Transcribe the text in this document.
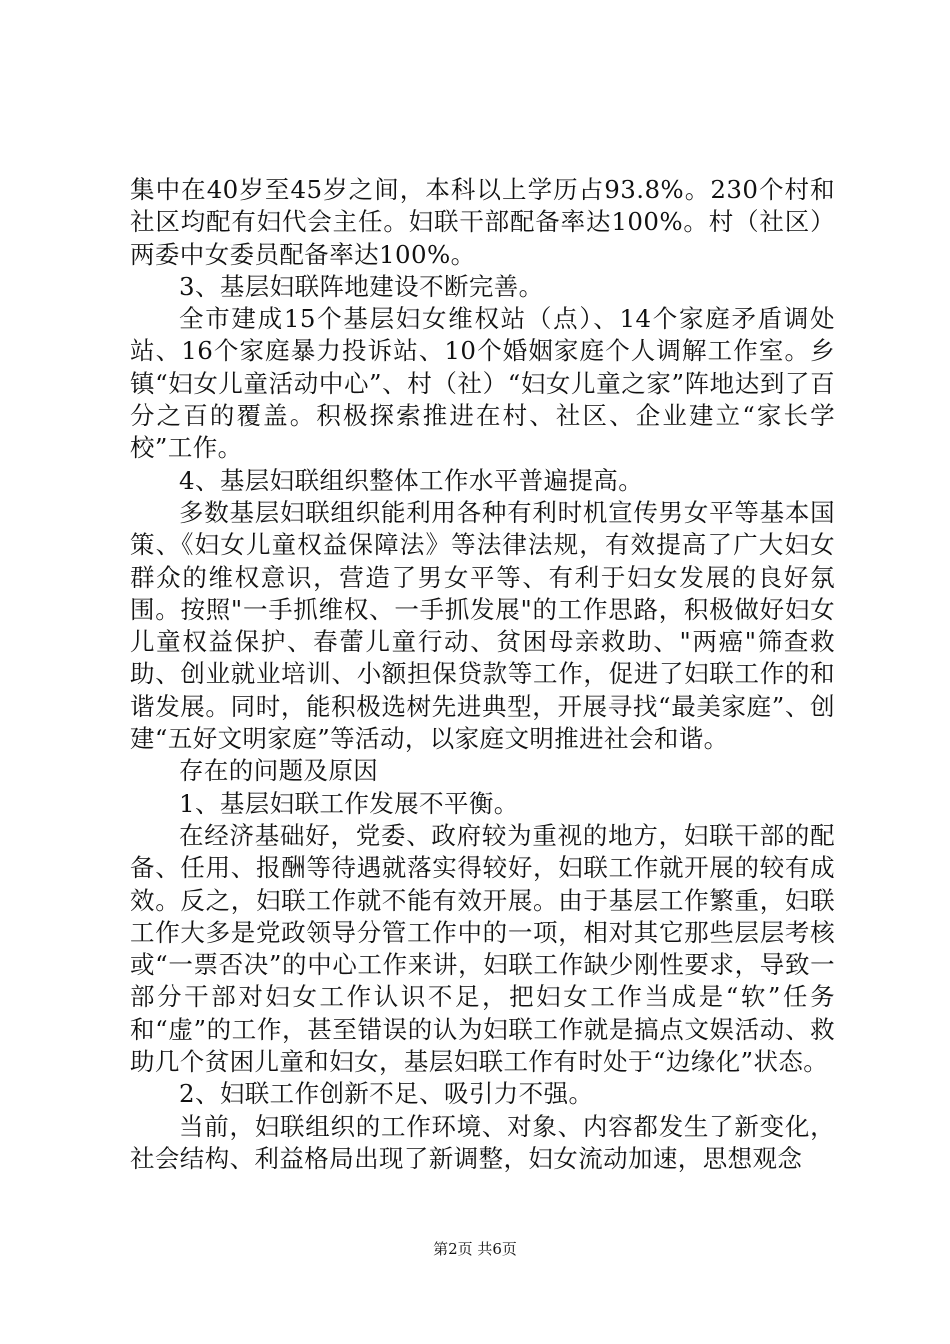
集中在40岁至45岁之间，本科以上学历占93.8%。230个村和社区均配有妇代会主任。妇联干部配备率达100%。村（社区）两委中女委员配备率达100%。

3、基层妇联阵地建设不断完善。

全市建成15个基层妇女维权站（点）、14个家庭矛盾调处站、16个家庭暴力投诉站、10个婚姻家庭个人调解工作室。乡镇“妇女儿童活动中心”、村（社）“妇女儿童之家”阵地达到了百分之百的覆盖。积极探索推进在村、社区、企业建立“家长学校”工作。

4、基层妇联组织整体工作水平普遍提高。

多数基层妇联组织能利用各种有利时机宣传男女平等基本国策、《妇女儿童权益保障法》等法律法规，有效提高了广大妇女群众的维权意识，营造了男女平等、有利于妇女发展的良好氛围。按照"一手抓维权、一手抓发展"的工作思路，积极做好妇女儿童权益保护、春蕾儿童行动、贫困母亲救助、"两癌"筛查救助、创业就业培训、小额担保贷款等工作，促进了妇联工作的和谐发展。同时，能积极选树先进典型，开展寻找“最美家庭”、创建“五好文明家庭”等活动，以家庭文明推进社会和谐。

存在的问题及原因

1、基层妇联工作发展不平衡。

在经济基础好，党委、政府较为重视的地方，妇联干部的配备、任用、报酬等待遇就落实得较好，妇联工作就开展的较有成效。反之，妇联工作就不能有效开展。由于基层工作繁重，妇联工作大多是党政领导分管工作中的一项，相对其它那些层层考核或“一票否决”的中心工作来讲，妇联工作缺少刚性要求，导致一部分干部对妇女工作认识不足，把妇女工作当成是“软”任务和“虚”的工作，甚至错误的认为妇联工作就是搞点文娱活动、救助几个贫困儿童和妇女，基层妇联工作有时处于“边缘化”状态。

2、妇联工作创新不足、吸引力不强。

当前，妇联组织的工作环境、对象、内容都发生了新变化，社会结构、利益格局出现了新调整，妇女流动加速，思想观念

第2页 共6页
